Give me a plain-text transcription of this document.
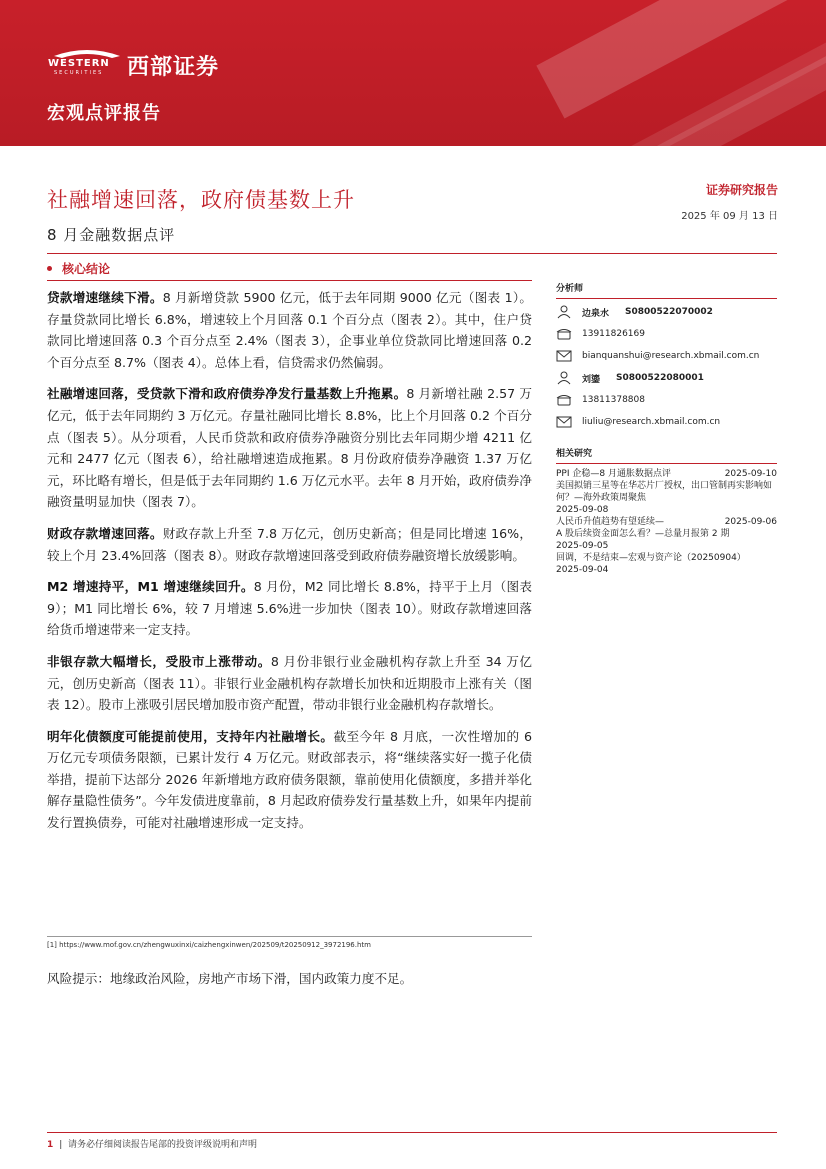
WESTERN
SECURITIES 西部证券
宏观点评报告
社融增速回落，政府债基数上升
8 月金融数据点评
证券研究报告
2025 年 09 月 13 日
核心结论

贷款增速继续下滑。8 月新增贷款 5900 亿元，低于去年同期 9000 亿元（图表 1）。存量贷款同比增长 6.8%，增速较上个月回落 0.1 个百分点（图表 2）。其中，住户贷款同比增速回落 0.3 个百分点至 2.4%（图表 3），企事业单位贷款同比增速回落 0.2 个百分点至 8.7%（图表 4）。总体上看，信贷需求仍然偏弱。

社融增速回落，受贷款下滑和政府债券净发行量基数上升拖累。8 月新增社融 2.57 万亿元，低于去年同期约 3 万亿元。存量社融同比增长 8.8%，比上个月回落 0.2 个百分点（图表 5）。从分项看，人民币贷款和政府债券净融资分别比去年同期少增 4211 亿元和 2477 亿元（图表 6），给社融增速造成拖累。8 月份政府债券净融资 1.37 万亿元，环比略有增长，但是低于去年同期约 1.6 万亿元水平。去年 8 月开始，政府债券净融资量明显加快（图表 7）。

财政存款增速回落。财政存款上升至 7.8 万亿元，创历史新高；但是同比增速 16%，较上个月 23.4%回落（图表 8）。财政存款增速回落受到政府债券融资增长放缓影响。

M2 增速持平，M1 增速继续回升。8 月份，M2 同比增长 8.8%，持平于上月（图表 9）；M1 同比增长 6%，较 7 月增速 5.6%进一步加快（图表 10）。财政存款增速回落给货币增速带来一定支持。

非银存款大幅增长，受股市上涨带动。8 月份非银行业金融机构存款上升至 34 万亿元，创历史新高（图表 11）。非银行业金融机构存款增长加快和近期股市上涨有关（图表 12）。股市上涨吸引居民增加股市资产配置，带动非银行业金融机构存款增长。

明年化债额度可能提前使用，支持年内社融增长。截至今年 8 月底，一次性增加的 6 万亿元专项债务限额，已累计发行 4 万亿元。财政部表示，将“继续落实好一揽子化债举措，提前下达部分 2026 年新增地方政府债务限额，靠前使用化债额度，多措并举化解存量隐性债务”。今年发债进度靠前，8 月起政府债券发行量基数上升，如果年内提前发行置换债券，可能对社融增速形成一定支持。

[1] https://www.mof.gov.cn/zhengwuxinxi/caizhengxinwen/202509/t20250912_3972196.htm
风险提示：地缘政治风险，房地产市场下滑，国内政策力度不足。
分析师
边泉水 S0800522070002
13911826169
bianquanshui@research.xbmail.com.cn
刘鎏 S0800522080001
13811378808
liuliu@research.xbmail.com.cn
相关研究
PPI 企稳—8 月通胀数据点评	2025-09-10
美国拟销三星等在华芯片厂授权，出口管制再实影响如何？—海外政策周聚焦
2025-09-08
人民币升值趋势有望延续—	2025-09-06
A 股后续资金面怎么看？—总量月报第 2 期
2025-09-05
回调，不是结束—宏观与资产论（20250904）
2025-09-04
1 |  请务必仔细阅读报告尾部的投资评级说明和声明
